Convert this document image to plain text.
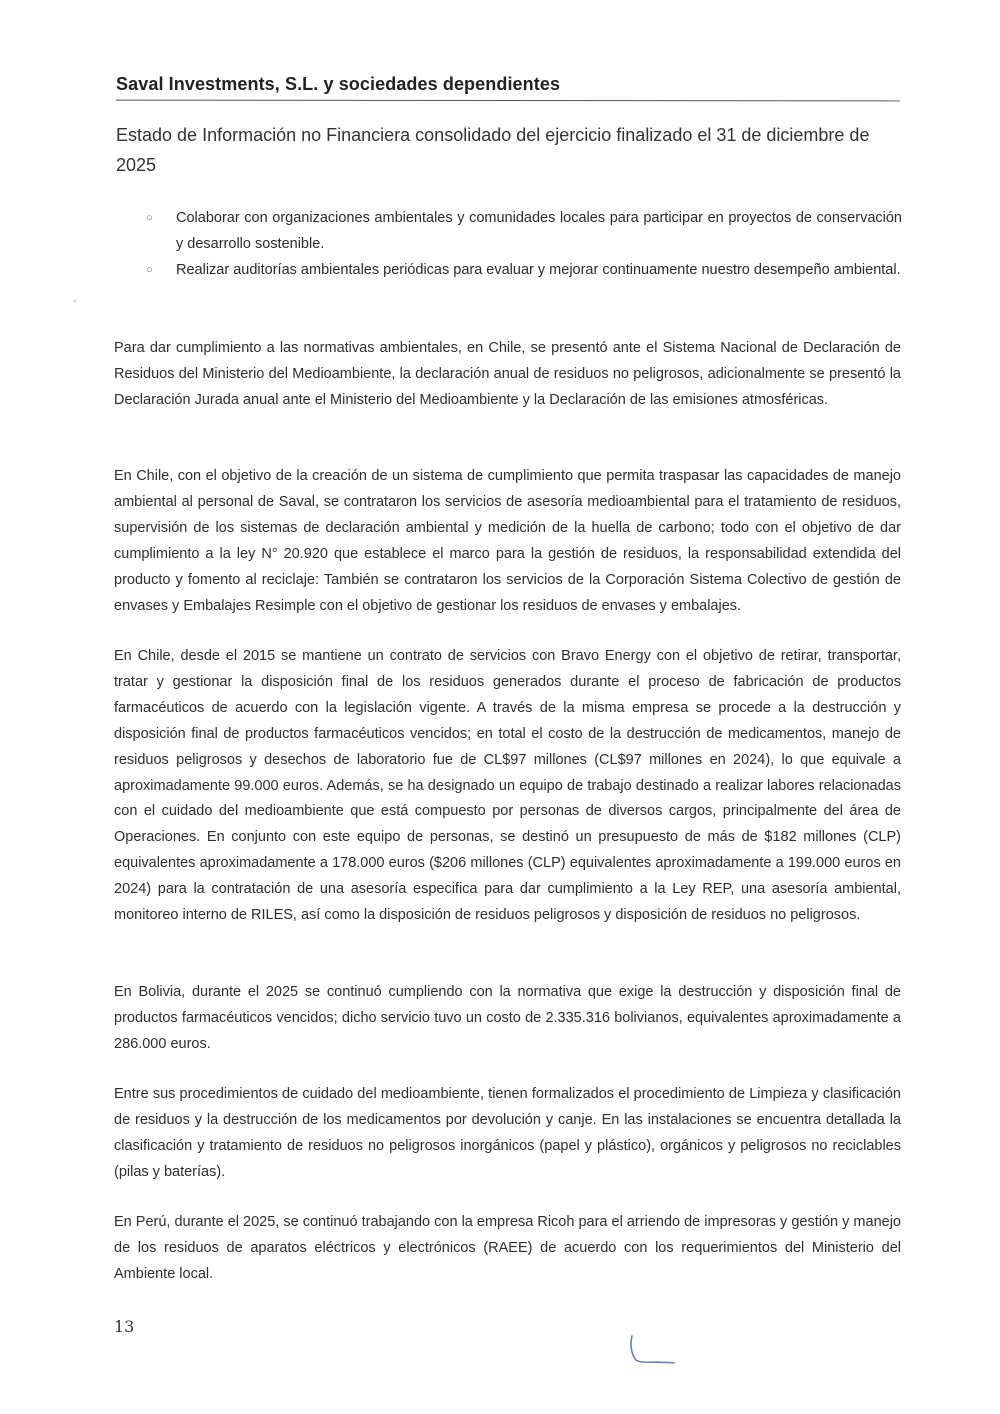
Saval Investments, S.L. y sociedades dependientes
Estado de Información no Financiera consolidado del ejercicio finalizado el 31 de diciembre de 2025
○ Colaborar con organizaciones ambientales y comunidades locales para participar en proyectos de conservación y desarrollo sostenible.
○ Realizar auditorías ambientales periódicas para evaluar y mejorar continuamente nuestro desempeño ambiental.
-

Para dar cumplimiento a las normativas ambientales, en Chile, se presentó ante el Sistema Nacional de Declaración de Residuos del Ministerio del Medioambiente, la declaración anual de residuos no peligrosos, adicionalmente se presentó la Declaración Jurada anual ante el Ministerio del Medioambiente y la Declaración de las emisiones atmosféricas.

En Chile, con el objetivo de la creación de un sistema de cumplimiento que permita traspasar las capacidades de manejo ambiental al personal de Saval, se contrataron los servicios de asesoría medioambiental para el tratamiento de residuos, supervisión de los sistemas de declaración ambiental y medición de la huella de carbono; todo con el objetivo de dar cumplimiento a la ley N° 20.920 que establece el marco para la gestión de residuos, la responsabilidad extendida del producto y fomento al reciclaje: También se contrataron los servicios de la Corporación Sistema Colectivo de gestión de envases y Embalajes Resimple con el objetivo de gestionar los residuos de envases y embalajes.

En Chile, desde el 2015 se mantiene un contrato de servicios con Bravo Energy con el objetivo de retirar, transportar, tratar y gestionar la disposición final de los residuos generados durante el proceso de fabricación de productos farmacéuticos de acuerdo con la legislación vigente. A través de la misma empresa se procede a la destrucción y disposición final de productos farmacéuticos vencidos; en total el costo de la destrucción de medicamentos, manejo de residuos peligrosos y desechos de laboratorio fue de CL$97 millones (CL$97 millones en 2024), lo que equivale a aproximadamente 99.000 euros. Además, se ha designado un equipo de trabajo destinado a realizar labores relacionadas con el cuidado del medioambiente que está compuesto por personas de diversos cargos, principalmente del área de Operaciones. En conjunto con este equipo de personas, se destinó un presupuesto de más de $182 millones (CLP) equivalentes aproximadamente a 178.000 euros ($206 millones (CLP) equivalentes aproximadamente a 199.000 euros en 2024) para la contratación de una asesoría especifica para dar cumplimiento a la Ley REP, una asesoría ambiental, monitoreo interno de RILES, así como la disposición de residuos peligrosos y disposición de residuos no peligrosos.

En Bolivia, durante el 2025 se continuó cumpliendo con la normativa que exige la destrucción y disposición final de productos farmacéuticos vencidos; dicho servicio tuvo un costo de 2.335.316 bolivianos, equivalentes aproximadamente a 286.000 euros.

Entre sus procedimientos de cuidado del medioambiente, tienen formalizados el procedimiento de Limpieza y clasificación de residuos y la destrucción de los medicamentos por devolución y canje. En las instalaciones se encuentra detallada la clasificación y tratamiento de residuos no peligrosos inorgánicos (papel y plástico), orgánicos y peligrosos no reciclables (pilas y baterías).

En Perú, durante el 2025, se continuó trabajando con la empresa Ricoh para el arriendo de impresoras y gestión y manejo de los residuos de aparatos eléctricos y electrónicos (RAEE) de acuerdo con los requerimientos del Ministerio del Ambiente local.

13
